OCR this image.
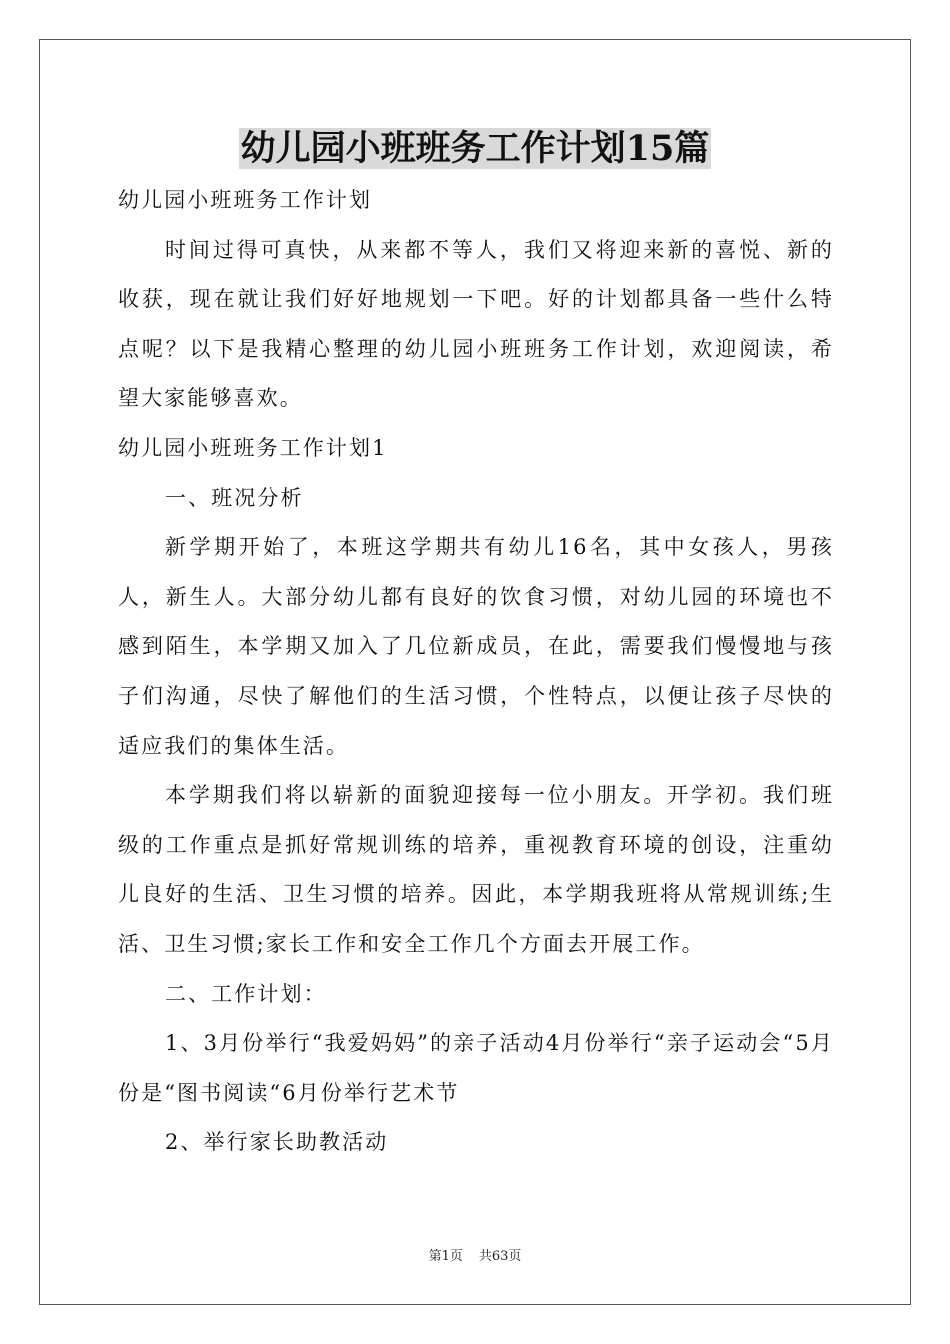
幼儿园小班班务工作计划15篇

幼儿园小班班务工作计划

时间过得可真快，从来都不等人，我们又将迎来新的喜悦、新的收获，现在就让我们好好地规划一下吧。好的计划都具备一些什么特点呢？以下是我精心整理的幼儿园小班班务工作计划，欢迎阅读，希望大家能够喜欢。

幼儿园小班班务工作计划1

一、班况分析

新学期开始了，本班这学期共有幼儿16名，其中女孩人，男孩人，新生人。大部分幼儿都有良好的饮食习惯，对幼儿园的环境也不感到陌生，本学期又加入了几位新成员，在此，需要我们慢慢地与孩子们沟通，尽快了解他们的生活习惯，个性特点，以便让孩子尽快的适应我们的集体生活。

本学期我们将以崭新的面貌迎接每一位小朋友。开学初。我们班级的工作重点是抓好常规训练的培养，重视教育环境的创设，注重幼儿良好的生活、卫生习惯的培养。因此，本学期我班将从常规训练;生活、卫生习惯;家长工作和安全工作几个方面去开展工作。

二、工作计划：

1、3月份举行“我爱妈妈”的亲子活动4月份举行“亲子运动会“5月份是“图书阅读“6月份举行艺术节

2、举行家长助教活动

第1页 共63页
